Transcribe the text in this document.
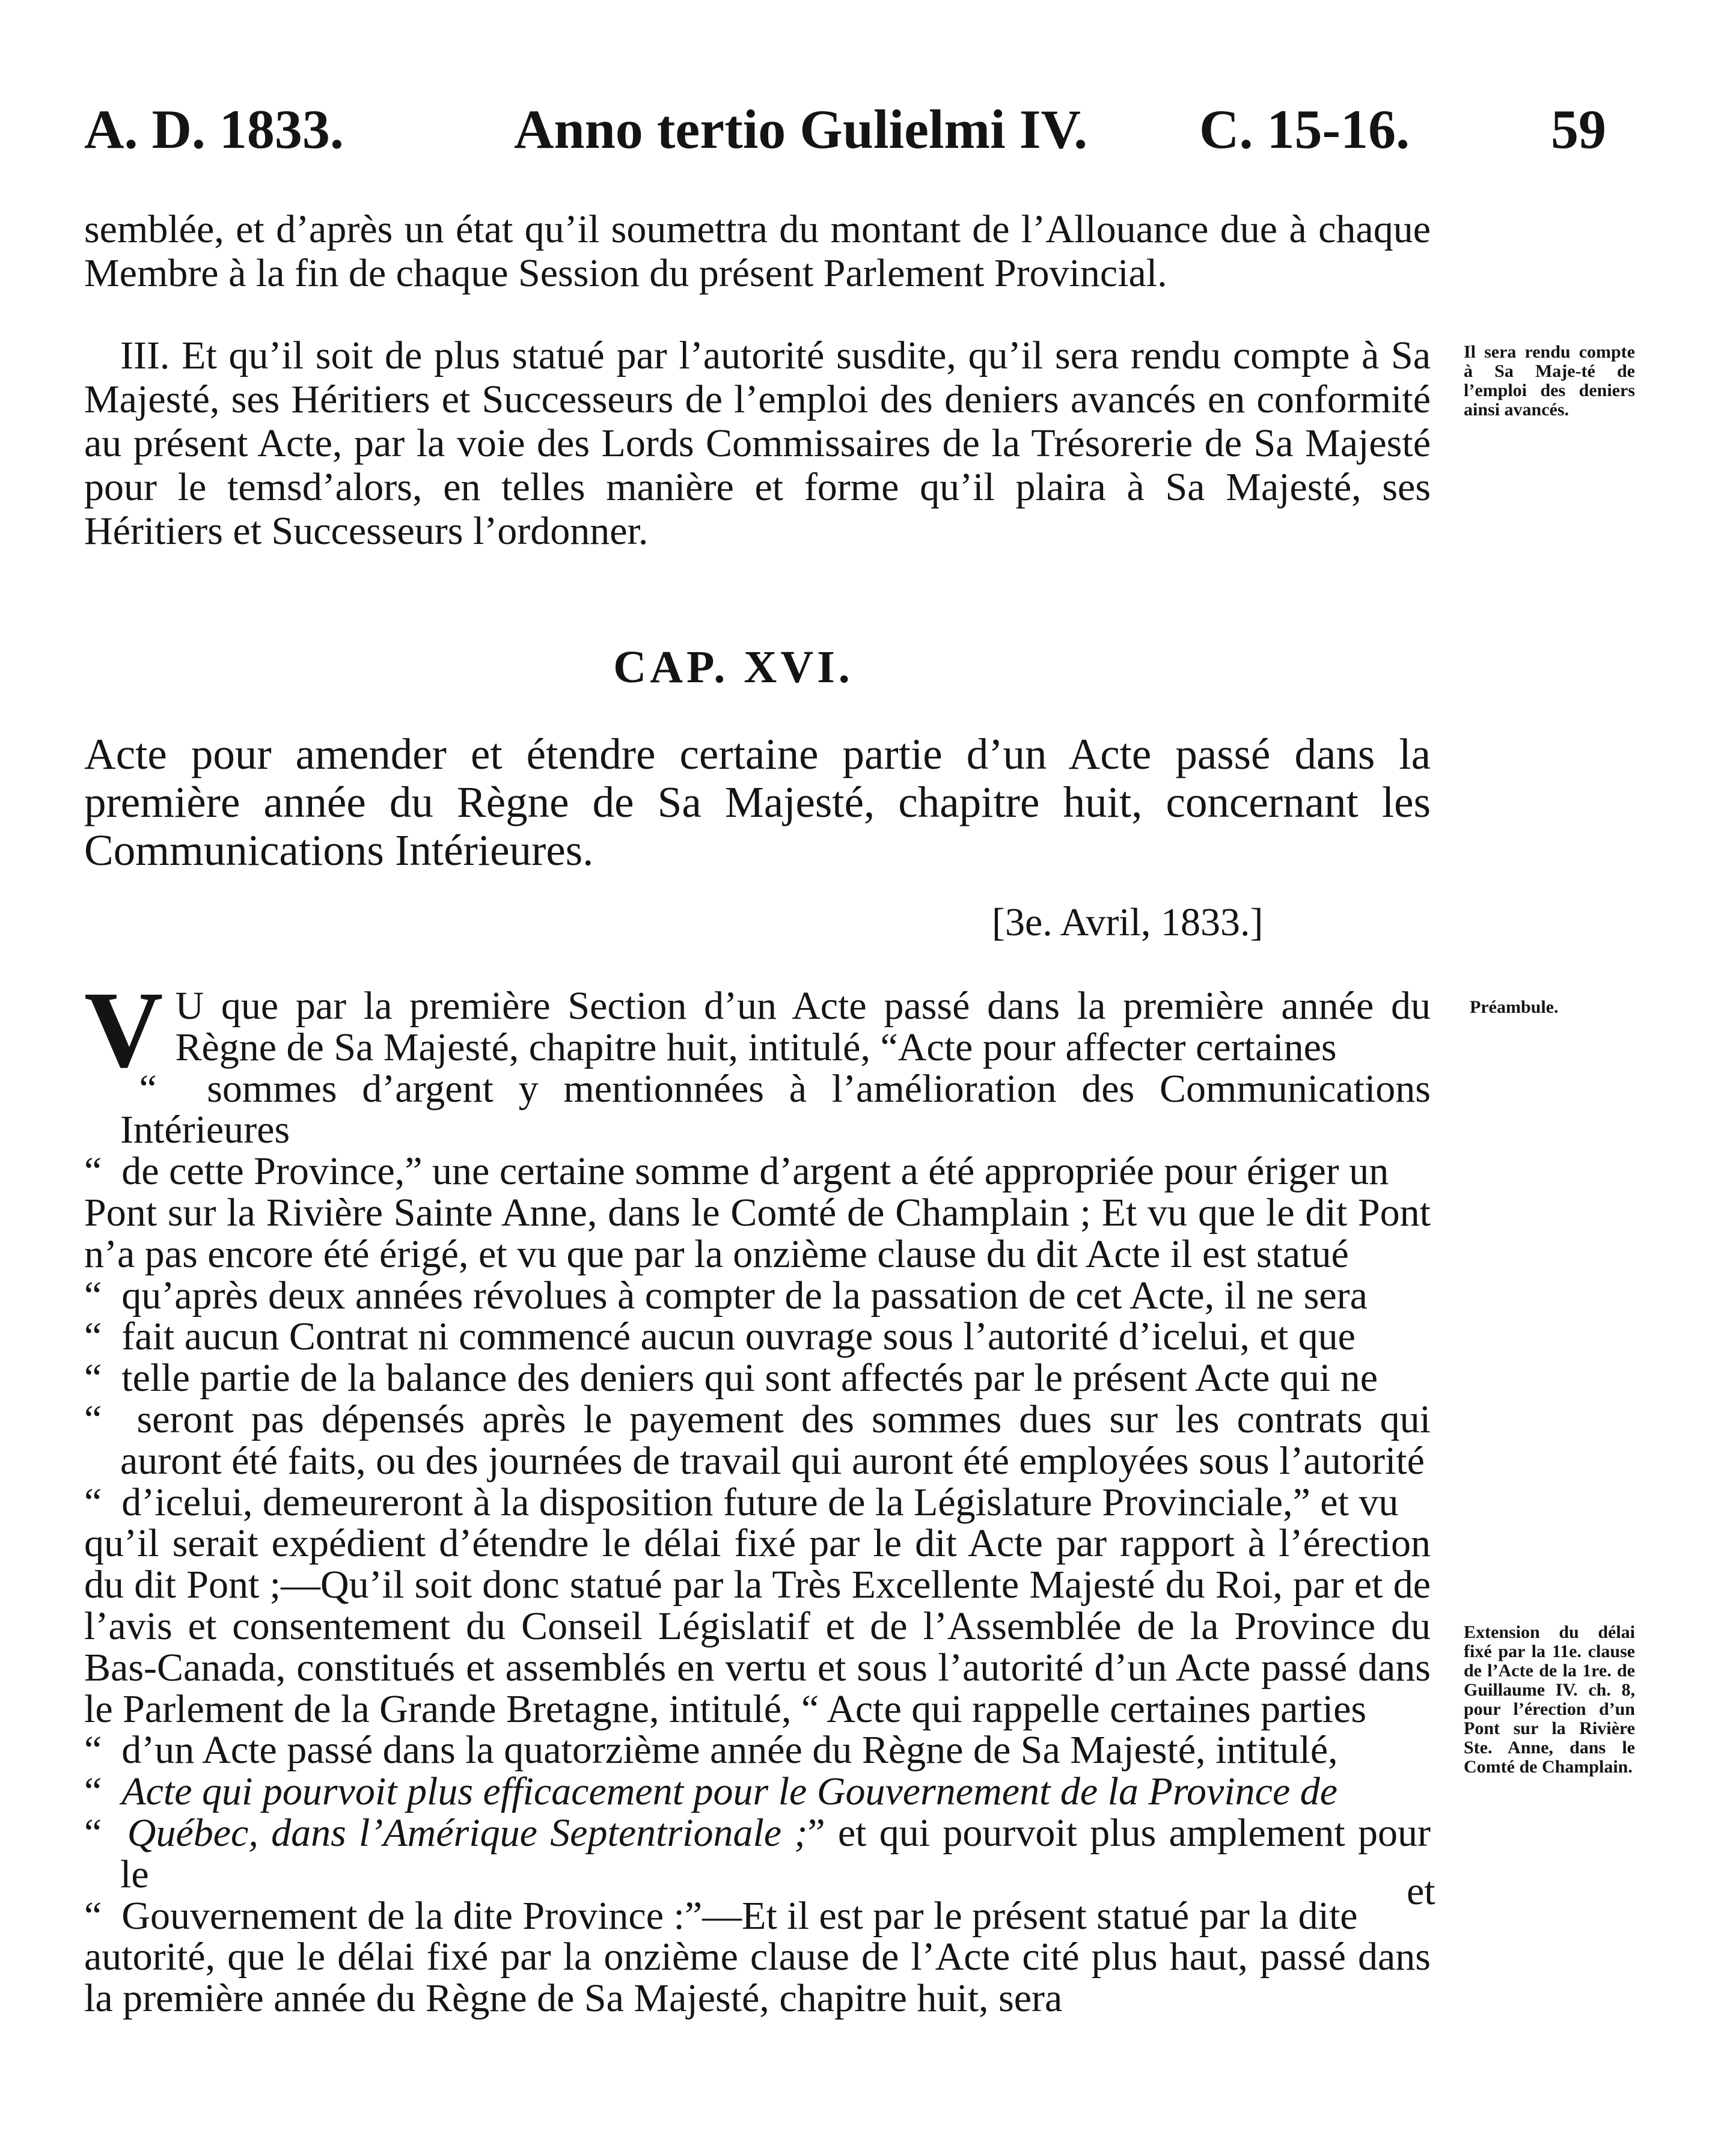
A. D. 1833.	Anno tertio Gulielmi IV. C. 15-16.	59
semblée, et d’après un état qu’il soumettra du montant de l’Allouance due à chaque Membre à la fin de chaque Session du présent Parlement Provincial.
III. Et qu’il soit de plus statué par l’autorité susdite, qu’il sera rendu compte à Sa Majesté, ses Héritiers et Successeurs de l’emploi des deniers avancés en conformité au présent Acte, par la voie des Lords Commissaires de la Trésorerie de Sa Majesté pour le temsd’alors, en telles manière et forme qu’il plaira à Sa Majesté, ses Héritiers et Successeurs l’ordonner.
Il sera rendu compte à Sa Maje-té de l’emploi des deniers ainsi avancés.
CAP. XVI.
Acte pour amender et étendre certaine partie d’un Acte passé dans la première année du Règne de Sa Majesté, chapitre huit, concernant les Communications Intérieures.
[3e. Avril, 1833.]
Préambule.
V U que par la première Section d’un Acte passé dans la première année du Règne de Sa Majesté, chapitre huit, intitulé, “Acte pour affecter certaines
“  sommes d’argent y mentionnées à l’amélioration des Communications Intérieures
“  de cette Province,” une certaine somme d’argent a été appropriée pour ériger un
Pont sur la Rivière Sainte Anne, dans le Comté de Champlain ; Et vu que le dit Pont n’a pas encore été érigé, et vu que par la onzième clause du dit Acte il est statué
“  qu’après deux années révolues à compter de la passation de cet Acte, il ne sera
“  fait aucun Contrat ni commencé aucun ouvrage sous l’autorité d’icelui, et que
“  telle partie de la balance des deniers qui sont affectés par le présent Acte qui ne
“  seront pas dépensés après le payement des sommes dues sur les contrats qui auront été faits, ou des journées de travail qui auront été employées sous l’autorité
“  d’icelui, demeureront à la disposition future de la Législature Provinciale,” et vu
qu’il serait expédient d’étendre le délai fixé par le dit Acte par rapport à l’érection du dit Pont ;—Qu’il soit donc statué par la Très Excellente Majesté du Roi, par et de l’avis et consentement du Conseil Législatif et de l’Assemblée de la Province du Bas-Canada, constitués et assemblés en vertu et sous l’autorité d’un Acte passé dans le Parlement de la Grande Bretagne, intitulé, “ Acte qui rappelle certaines parties
“  d’un Acte passé dans la quatorzième année du Règne de Sa Majesté, intitulé,
“  Acte qui pourvoit plus efficacement pour le Gouvernement de la Province de
“  Québec, dans l’Amérique Septentrionale ;” et qui pourvoit plus amplement pour le
“  Gouvernement de la dite Province :”—Et il est par le présent statué par la dite
autorité, que le délai fixé par la onzième clause de l’Acte cité plus haut, passé dans la première année du Règne de Sa Majesté, chapitre huit, sera
et
Extension du délai fixé par la 11e. clause de l’Acte de la 1re. de Guillaume IV. ch. 8, pour l’érection d’un Pont sur la Rivière Ste. Anne, dans le Comté de Champlain.
